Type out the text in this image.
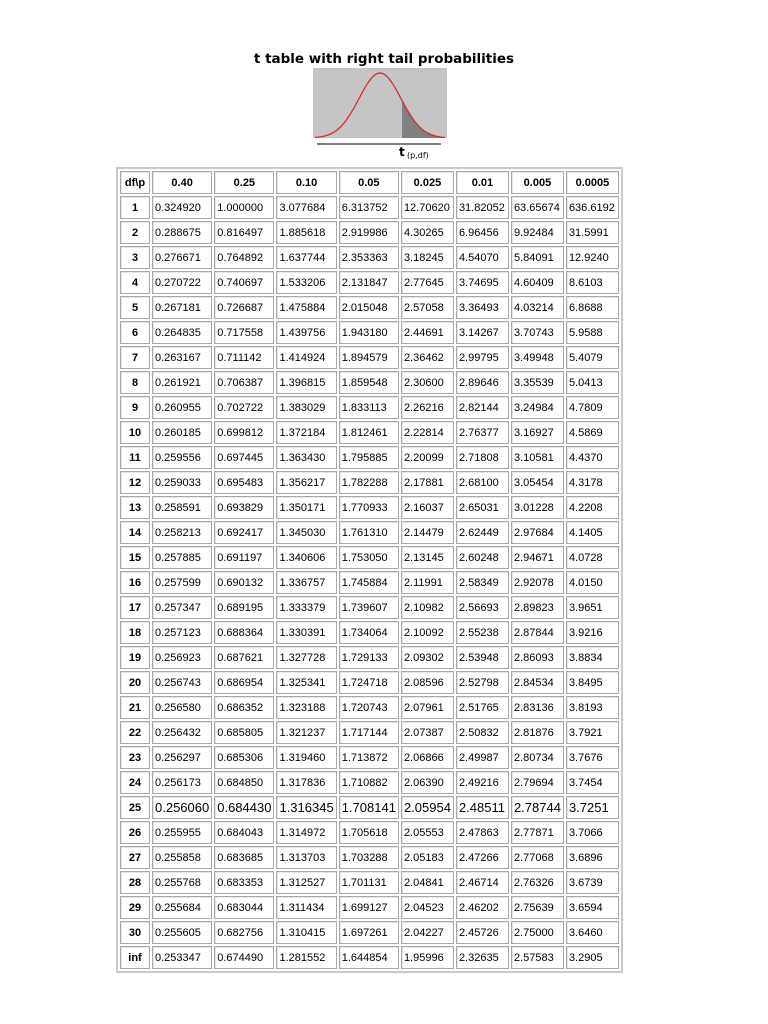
t table with right tail probabilities
t (p,df)
df\p	0.40	0.25	0.10	0.05	0.025	0.01	0.005	0.0005
1	0.324920	1.000000	3.077684	6.313752	12.70620	31.82052	63.65674	636.6192
2	0.288675	0.816497	1.885618	2.919986	4.30265	6.96456	9.92484	31.5991
3	0.276671	0.764892	1.637744	2.353363	3.18245	4.54070	5.84091	12.9240
4	0.270722	0.740697	1.533206	2.131847	2.77645	3.74695	4.60409	8.6103
5	0.267181	0.726687	1.475884	2.015048	2.57058	3.36493	4.03214	6.8688
6	0.264835	0.717558	1.439756	1.943180	2.44691	3.14267	3.70743	5.9588
7	0.263167	0.711142	1.414924	1.894579	2.36462	2.99795	3.49948	5.4079
8	0.261921	0.706387	1.396815	1.859548	2.30600	2.89646	3.35539	5.0413
9	0.260955	0.702722	1.383029	1.833113	2.26216	2.82144	3.24984	4.7809
10	0.260185	0.699812	1.372184	1.812461	2.22814	2.76377	3.16927	4.5869
11	0.259556	0.697445	1.363430	1.795885	2.20099	2.71808	3.10581	4.4370
12	0.259033	0.695483	1.356217	1.782288	2.17881	2.68100	3.05454	4.3178
13	0.258591	0.693829	1.350171	1.770933	2.16037	2.65031	3.01228	4.2208
14	0.258213	0.692417	1.345030	1.761310	2.14479	2.62449	2.97684	4.1405
15	0.257885	0.691197	1.340606	1.753050	2.13145	2.60248	2.94671	4.0728
16	0.257599	0.690132	1.336757	1.745884	2.11991	2.58349	2.92078	4.0150
17	0.257347	0.689195	1.333379	1.739607	2.10982	2.56693	2.89823	3.9651
18	0.257123	0.688364	1.330391	1.734064	2.10092	2.55238	2.87844	3.9216
19	0.256923	0.687621	1.327728	1.729133	2.09302	2.53948	2.86093	3.8834
20	0.256743	0.686954	1.325341	1.724718	2.08596	2.52798	2.84534	3.8495
21	0.256580	0.686352	1.323188	1.720743	2.07961	2.51765	2.83136	3.8193
22	0.256432	0.685805	1.321237	1.717144	2.07387	2.50832	2.81876	3.7921
23	0.256297	0.685306	1.319460	1.713872	2.06866	2.49987	2.80734	3.7676
24	0.256173	0.684850	1.317836	1.710882	2.06390	2.49216	2.79694	3.7454
25	0.256060	0.684430	1.316345	1.708141	2.05954	2.48511	2.78744	3.7251
26	0.255955	0.684043	1.314972	1.705618	2.05553	2.47863	2.77871	3.7066
27	0.255858	0.683685	1.313703	1.703288	2.05183	2.47266	2.77068	3.6896
28	0.255768	0.683353	1.312527	1.701131	2.04841	2.46714	2.76326	3.6739
29	0.255684	0.683044	1.311434	1.699127	2.04523	2.46202	2.75639	3.6594
30	0.255605	0.682756	1.310415	1.697261	2.04227	2.45726	2.75000	3.6460
inf	0.253347	0.674490	1.281552	1.644854	1.95996	2.32635	2.57583	3.2905
